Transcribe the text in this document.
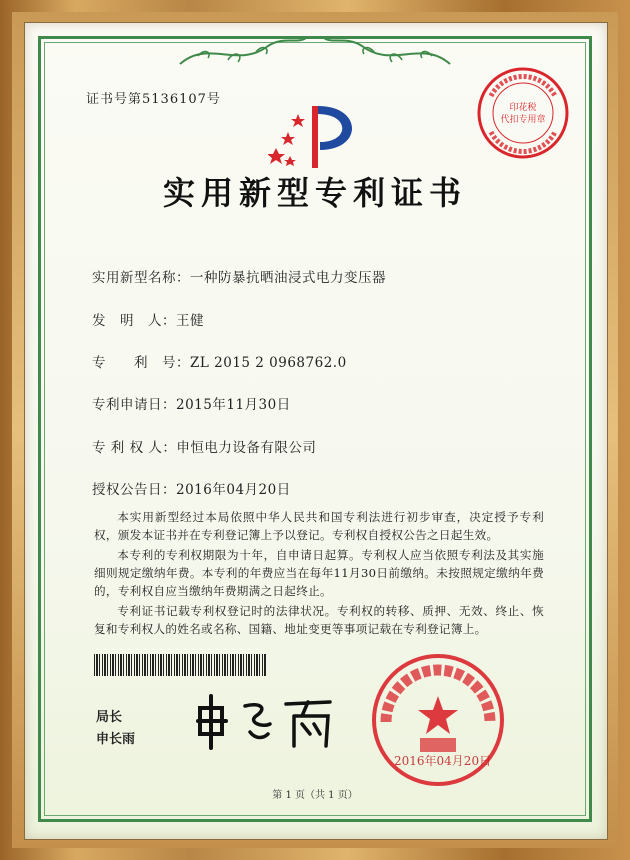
证书号第5136107号
印花税
代扣专用章
实用新型专利证书
实用新型名称：一种防暴抗晒油浸式电力变压器
发　明　人：王健
专　　利　号：ZL 2015 2 0968762.0
专利申请日：2015年11月30日
专 利 权 人：申恒电力设备有限公司
授权公告日：2016年04月20日
本实用新型经过本局依照中华人民共和国专利法进行初步审查，决定授予专利权，颁发本证书并在专利登记簿上予以登记。专利权自授权公告之日起生效。
本专利的专利权期限为十年，自申请日起算。专利权人应当依照专利法及其实施细则规定缴纳年费。本专利的年费应当在每年11月30日前缴纳。未按照规定缴纳年费的，专利权自应当缴纳年费期满之日起终止。
专利证书记载专利权登记时的法律状况。专利权的转移、质押、无效、终止、恢复和专利权人的姓名或名称、国籍、地址变更等事项记载在专利登记簿上。
局长
申长雨
2016年04月20日
第 1 页（共 1 页）
